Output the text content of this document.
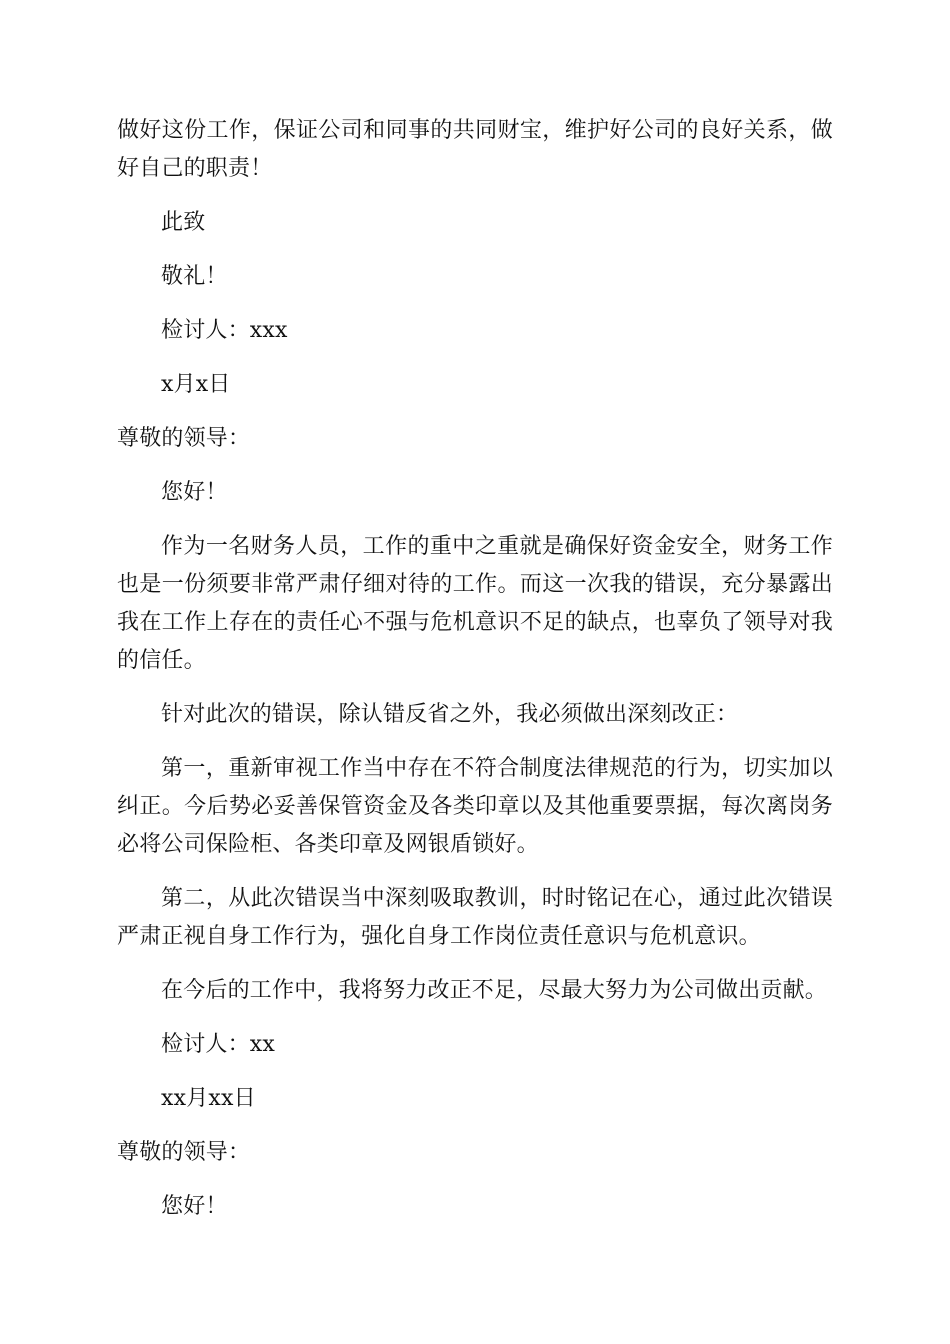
做好这份工作，保证公司和同事的共同财宝，维护好公司的良好关系，做好自己的职责！

此致

敬礼！

检讨人：xxx

x月x日

尊敬的领导：

您好！

作为一名财务人员，工作的重中之重就是确保好资金安全，财务工作也是一份须要非常严肃仔细对待的工作。而这一次我的错误，充分暴露出我在工作上存在的责任心不强与危机意识不足的缺点，也辜负了领导对我的信任。

针对此次的错误，除认错反省之外，我必须做出深刻改正：

第一，重新审视工作当中存在不符合制度法律规范的行为，切实加以纠正。今后势必妥善保管资金及各类印章以及其他重要票据，每次离岗务必将公司保险柜、各类印章及网银盾锁好。

第二，从此次错误当中深刻吸取教训，时时铭记在心，通过此次错误严肃正视自身工作行为，强化自身工作岗位责任意识与危机意识。

在今后的工作中，我将努力改正不足，尽最大努力为公司做出贡献。

检讨人：xx

xx月xx日

尊敬的领导：

您好！
